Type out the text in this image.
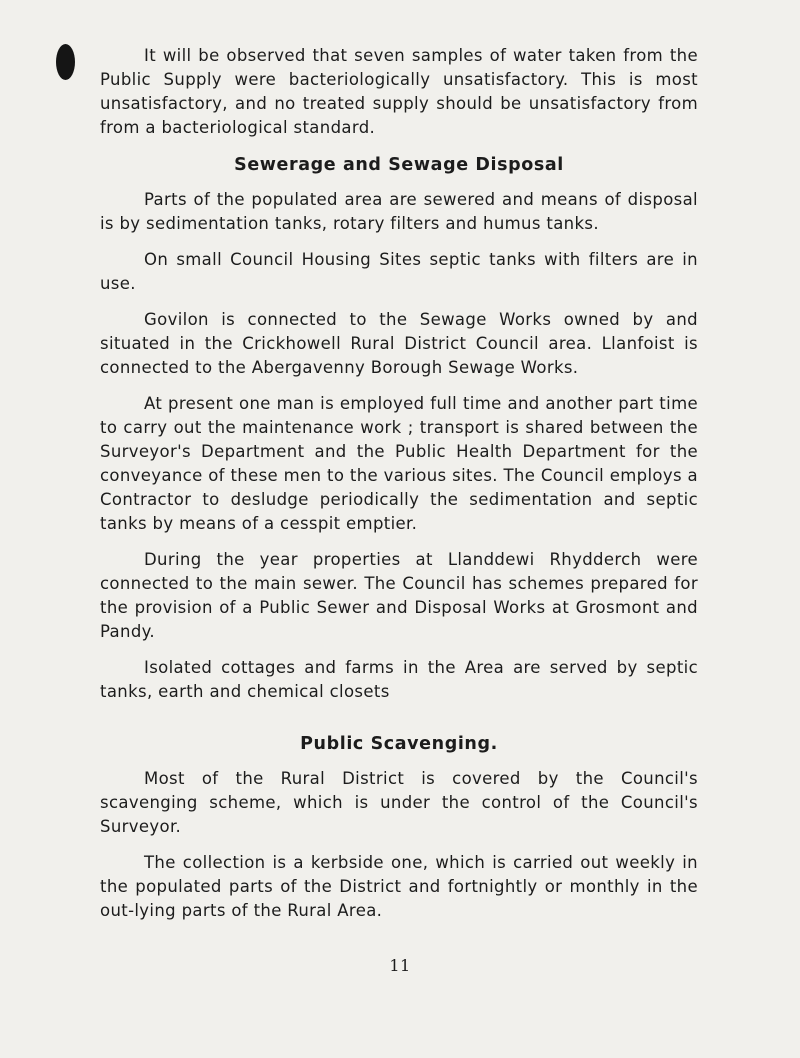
It will be observed that seven samples of water taken from the Public Supply were bacteriologically unsatisfactory. This is most unsatisfactory, and no treated supply should be unsatisfactory from from a bacteriological standard.

Sewerage and Sewage Disposal

Parts of the populated area are sewered and means of disposal is by sedimentation tanks, rotary filters and humus tanks.

On small Council Housing Sites septic tanks with filters are in use.

Govilon is connected to the Sewage Works owned by and situated in the Crickhowell Rural District Council area. Llanfoist is connected to the Abergavenny Borough Sewage Works.

At present one man is employed full time and another part time to carry out the maintenance work ; transport is shared between the Surveyor's Department and the Public Health Department for the conveyance of these men to the various sites. The Council employs a Contractor to desludge periodically the sedimentation and septic tanks by means of a cesspit emptier.

During the year properties at Llanddewi Rhydderch were connected to the main sewer. The Council has schemes prepared for the provision of a Public Sewer and Disposal Works at Grosmont and Pandy.

Isolated cottages and farms in the Area are served by septic tanks, earth and chemical closets

Public Scavenging.

Most of the Rural District is covered by the Council's scavenging scheme, which is under the control of the Council's Surveyor.

The collection is a kerbside one, which is carried out weekly in the populated parts of the District and fortnightly or monthly in the out-lying parts of the Rural Area.

11
